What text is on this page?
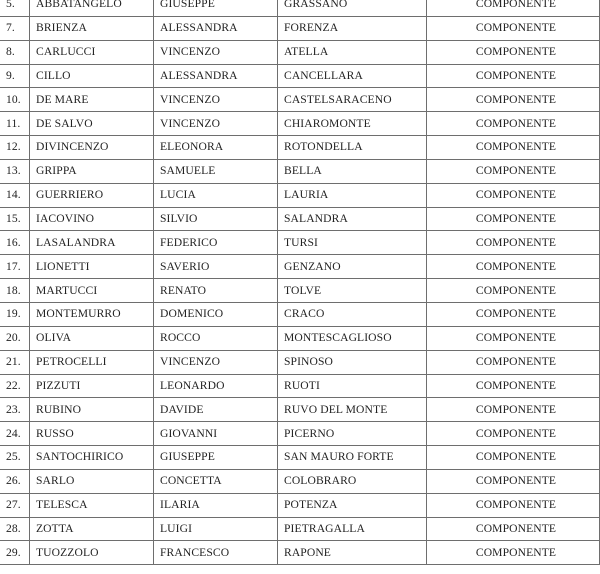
5.	ABBATANGELO	GIUSEPPE	GRASSANO	COMPONENTE
7.	BRIENZA	ALESSANDRA	FORENZA	COMPONENTE
8.	CARLUCCI	VINCENZO	ATELLA	COMPONENTE
9.	CILLO	ALESSANDRA	CANCELLARA	COMPONENTE
10.	DE MARE	VINCENZO	CASTELSARACENO	COMPONENTE
11.	DE SALVO	VINCENZO	CHIAROMONTE	COMPONENTE
12.	DIVINCENZO	ELEONORA	ROTONDELLA	COMPONENTE
13.	GRIPPA	SAMUELE	BELLA	COMPONENTE
14.	GUERRIERO	LUCIA	LAURIA	COMPONENTE
15.	IACOVINO	SILVIO	SALANDRA	COMPONENTE
16.	LASALANDRA	FEDERICO	TURSI	COMPONENTE
17.	LIONETTI	SAVERIO	GENZANO	COMPONENTE
18.	MARTUCCI	RENATO	TOLVE	COMPONENTE
19.	MONTEMURRO	DOMENICO	CRACO	COMPONENTE
20.	OLIVA	ROCCO	MONTESCAGLIOSO	COMPONENTE
21.	PETROCELLI	VINCENZO	SPINOSO	COMPONENTE
22.	PIZZUTI	LEONARDO	RUOTI	COMPONENTE
23.	RUBINO	DAVIDE	RUVO DEL MONTE	COMPONENTE
24.	RUSSO	GIOVANNI	PICERNO	COMPONENTE
25.	SANTOCHIRICO	GIUSEPPE	SAN MAURO FORTE	COMPONENTE
26.	SARLO	CONCETTA	COLOBRARO	COMPONENTE
27.	TELESCA	ILARIA	POTENZA	COMPONENTE
28.	ZOTTA	LUIGI	PIETRAGALLA	COMPONENTE
29.	TUOZZOLO	FRANCESCO	RAPONE	COMPONENTE
